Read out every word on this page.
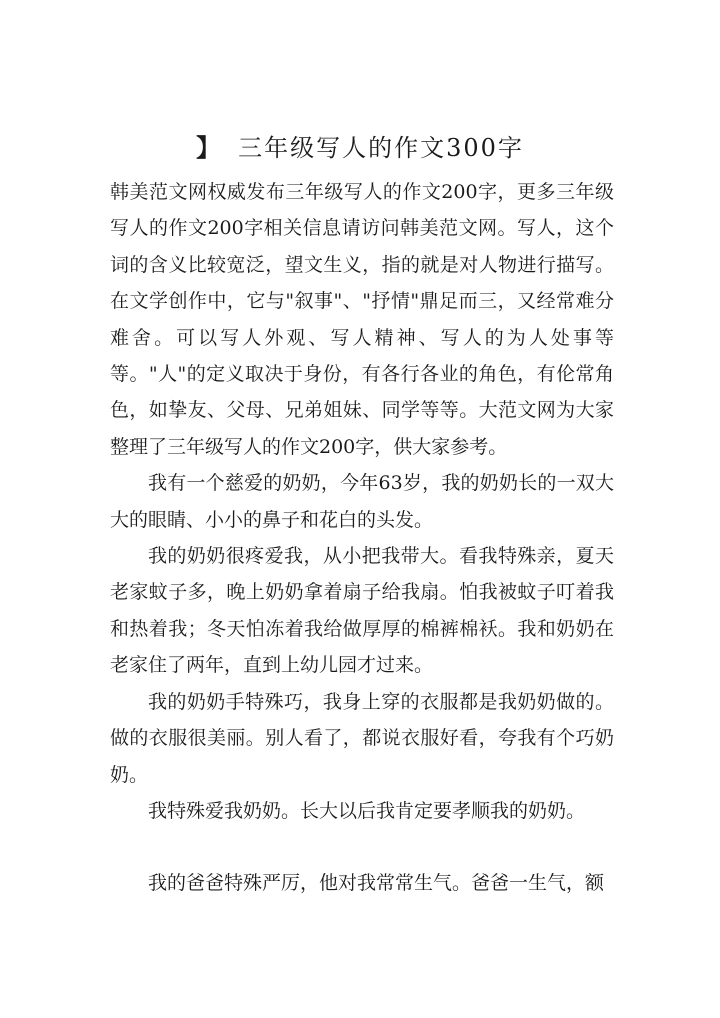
】 三年级写人的作文300字

韩美范文网权威发布三年级写人的作文200字，更多三年级写人的作文200字相关信息请访问韩美范文网。写人，这个词的含义比较宽泛，望文生义，指的就是对人物进行描写。在文学创作中，它与"叙事"、"抒情"鼎足而三，又经常难分难舍。可以写人外观、写人精神、写人的为人处事等等。"人"的定义取决于身份，有各行各业的角色，有伦常角色，如挚友、父母、兄弟姐妹、同学等等。大范文网为大家整理了三年级写人的作文200字，供大家参考。

我有一个慈爱的奶奶，今年63岁，我的奶奶长的一双大大的眼睛、小小的鼻子和花白的头发。

我的奶奶很疼爱我，从小把我带大。看我特殊亲，夏天老家蚊子多，晚上奶奶拿着扇子给我扇。怕我被蚊子叮着我和热着我；冬天怕冻着我给做厚厚的棉裤棉袄。我和奶奶在老家住了两年，直到上幼儿园才过来。

我的奶奶手特殊巧，我身上穿的衣服都是我奶奶做的。做的衣服很美丽。别人看了，都说衣服好看，夸我有个巧奶奶。

我特殊爱我奶奶。长大以后我肯定要孝顺我的奶奶。

我的爸爸特殊严厉，他对我常常生气。爸爸一生气，额
